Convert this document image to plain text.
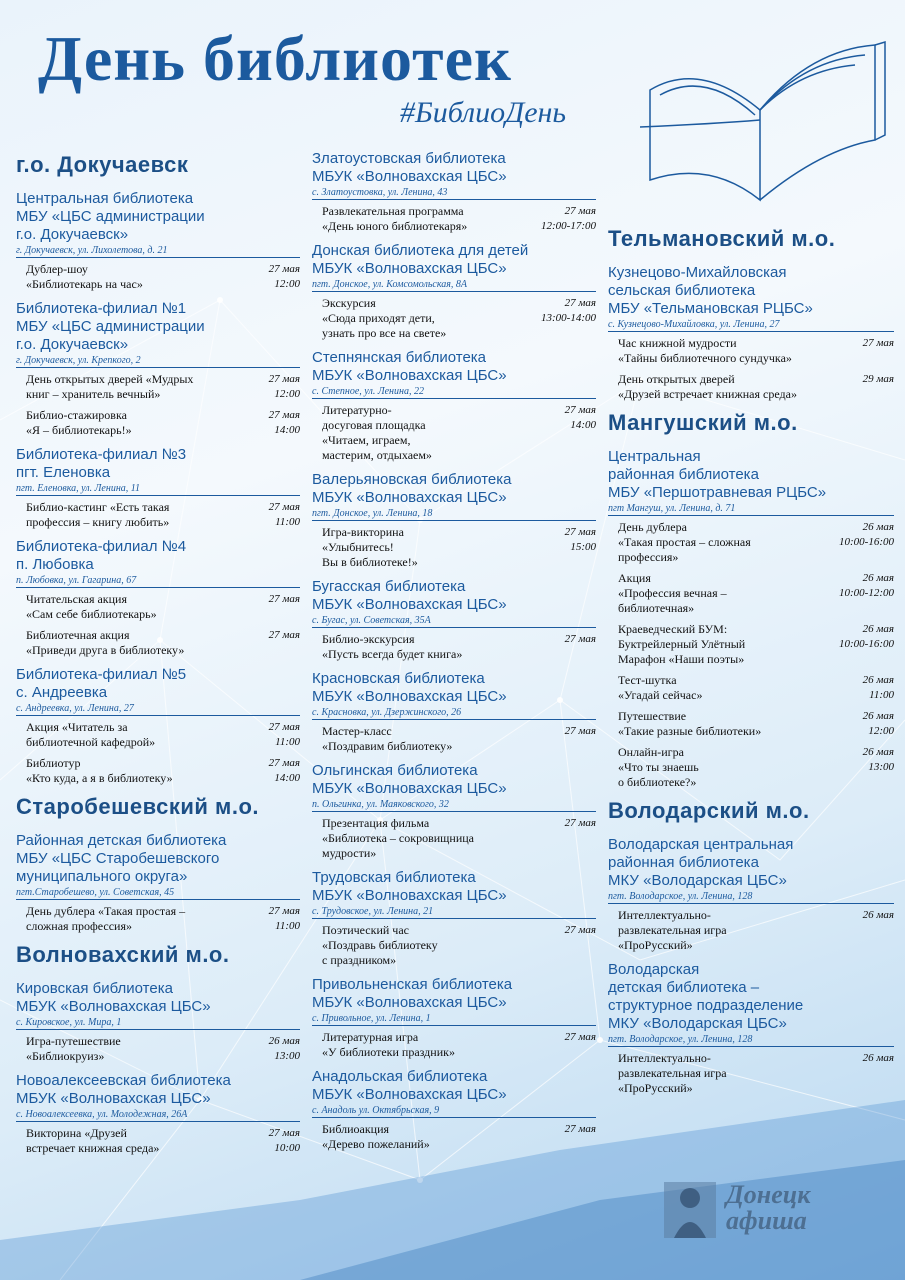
День библиотек
#БиблиоДень
г.о. Докучаевск
Центральная библиотека
МБУ «ЦБС администрации
г.о. Докучаевск»
г. Докучаевск, ул. Лихолетова, д. 21
Дублер-шоу
«Библиотекарь на час»
27 мая
12:00
Библиотека-филиал №1
МБУ «ЦБС администрации
г.о. Докучаевск»
г. Докучаевск, ул. Крепкого, 2
День открытых дверей «Мудрых
книг – хранитель вечный»
27 мая
12:00
Библио-стажировка
«Я – библиотекарь!»
27 мая
14:00
Библиотека-филиал №3
пгт. Еленовка
пгт. Еленовка, ул. Ленина, 11
Библио-кастинг «Есть такая
профессия – книгу любить»
27 мая
11:00
Библиотека-филиал №4
п. Любовка
п. Любовка, ул. Гагарина, 67
Читательская акция
«Сам себе библиотекарь»
27 мая
Библиотечная акция
«Приведи друга в библиотеку»
27 мая
Библиотека-филиал №5
с. Андреевка
с. Андреевка, ул. Ленина, 27
Акция «Читатель за
библиотечной кафедрой»
27 мая
11:00
Библиотур
«Кто куда, а я в библиотеку»
27 мая
14:00
Старобешевский м.о.
Районная детская библиотека
МБУ «ЦБС Старобешевского
муниципального округа»
пгт.Старобешево, ул. Советская, 45
День дублера «Такая простая –
сложная профессия»
27 мая
11:00
Волновахский м.о.
Кировская библиотека
МБУК «Волновахская ЦБС»
с. Кировское, ул. Мира, 1
Игра-путешествие
«Библиокруиз»
26 мая
13:00
Новоалексеевская библиотека
МБУК «Волновахская ЦБС»
с. Новоалексеевка, ул. Молодежная, 26А
Викторина «Друзей
встречает книжная среда»
27 мая
10:00
Златоустовская библиотека
МБУК «Волновахская ЦБС»
с. Златоустовка, ул. Ленина, 43
Развлекательная программа
«День юного библиотекаря»
27 мая
12:00-17:00
Донская библиотека для детей
МБУК «Волновахская ЦБС»
пгт. Донское, ул. Комсомольская, 8А
Экскурсия
«Сюда приходят дети,
узнать про все на свете»
27 мая
13:00-14:00
Степнянская библиотека
МБУК «Волновахская ЦБС»
с. Степное, ул. Ленина, 22
Литературно-
досуговая площадка
«Читаем, играем,
мастерим, отдыхаем»
27 мая
14:00
Валерьяновская библиотека
МБУК «Волновахская ЦБС»
пгт. Донское, ул. Ленина, 18
Игра-викторина
«Улыбнитесь!
Вы в библиотеке!»
27 мая
15:00
Бугасская библиотека
МБУК «Волновахская ЦБС»
с. Бугас, ул. Советская, 35А
Библио-экскурсия
«Пусть всегда будет книга»
27 мая
Красновская библиотека
МБУК «Волновахская ЦБС»
с. Красновка, ул. Дзержинского, 26
Мастер-класс
«Поздравим библиотеку»
27 мая
Ольгинская библиотека
МБУК «Волновахская ЦБС»
п. Ольгинка, ул. Маяковского, 32
Презентация фильма
«Библиотека – сокровищница
мудрости»
27 мая
Трудовская библиотека
МБУК «Волновахская ЦБС»
с. Трудовское, ул. Ленина, 21
Поэтический час
«Поздравь библиотеку
с праздником»
27 мая
Привольненская библиотека
МБУК «Волновахская ЦБС»
с. Привольное, ул. Ленина, 1
Литературная игра
«У библиотеки праздник»
27 мая
Анадольская библиотека
МБУК «Волновахская ЦБС»
с. Анадоль ул. Октябрьская, 9
Библиоакция
«Дерево пожеланий»
27 мая
Тельмановский м.о.
Кузнецово-Михайловская
сельская библиотека
МБУ «Тельмановская РЦБС»
с. Кузнецово-Михайловка, ул. Ленина, 27
Час книжной мудрости
«Тайны библиотечного сундучка»
27 мая
День открытых дверей
«Друзей встречает книжная среда»
29 мая
Мангушский м.о.
Центральная
районная библиотека
МБУ «Першотравневая РЦБС»
пгт Мангуш, ул. Ленина, д. 71
День дублера
«Такая простая – сложная
профессия»
26 мая
10:00-16:00
Акция
«Профессия вечная –
библиотечная»
26 мая
10:00-12:00
Краеведческий БУМ:
Буктрейлерный Улётный
Марафон «Наши поэты»
26 мая
10:00-16:00
Тест-шутка
«Угадай сейчас»
26 мая
11:00
Путешествие
«Такие разные библиотеки»
26 мая
12:00
Онлайн-игра
«Что ты знаешь
о библиотеке?»
26 мая
13:00
Володарский м.о.
Володарская центральная
районная библиотека
МКУ «Володарская ЦБС»
пгт. Володарское, ул. Ленина, 128
Интеллектуально-
развлекательная игра
«ПроРусский»
26 мая
Володарская
детская библиотека –
структурное подразделение
МКУ «Володарская ЦБС»
пгт. Володарское, ул. Ленина, 128
Интеллектуально-
развлекательная игра
«ПроРусский»
26 мая
Донецк
афиша
